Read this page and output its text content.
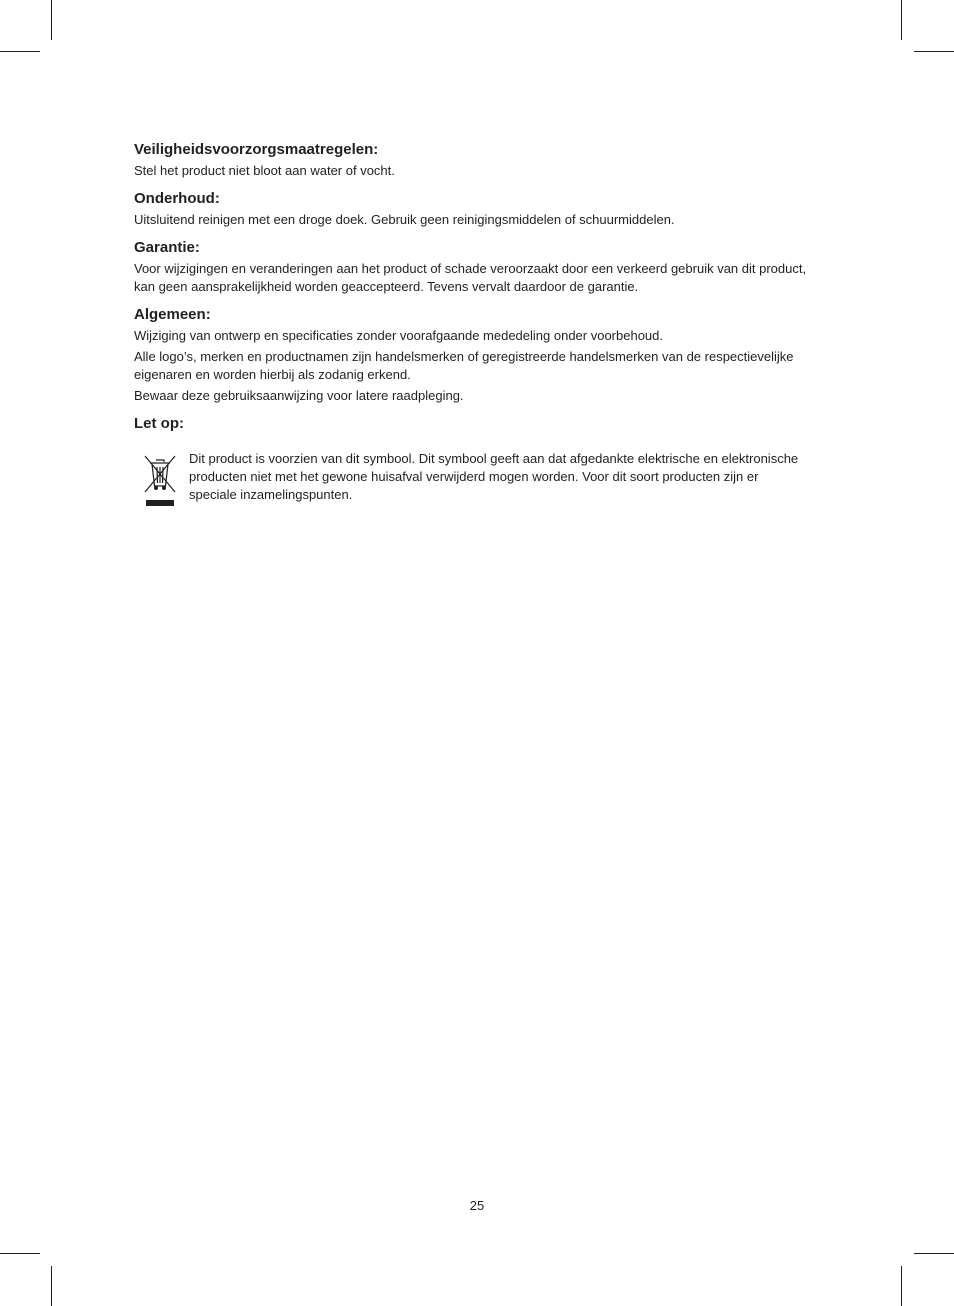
Veiligheidsvoorzorgsmaatregelen:

Stel het product niet bloot aan water of vocht.

Onderhoud:

Uitsluitend reinigen met een droge doek. Gebruik geen reinigingsmiddelen of schuurmiddelen.

Garantie:

Voor wijzigingen en veranderingen aan het product of schade veroorzaakt door een verkeerd gebruik van dit product, kan geen aansprakelijkheid worden geaccepteerd. Tevens vervalt daardoor de garantie.

Algemeen:

Wijziging van ontwerp en specificaties zonder voorafgaande mededeling onder voorbehoud.

Alle logo’s, merken en productnamen zijn handelsmerken of geregistreerde handelsmerken van de respectievelijke eigenaren en worden hierbij als zodanig erkend.

Bewaar deze gebruiksaanwijzing voor latere raadpleging.

Let op:

Dit product is voorzien van dit symbool. Dit symbool geeft aan dat afgedankte elektrische en elektronische producten niet met het gewone huisafval verwijderd mogen worden. Voor dit soort producten zijn er speciale inzamelingspunten.

25
